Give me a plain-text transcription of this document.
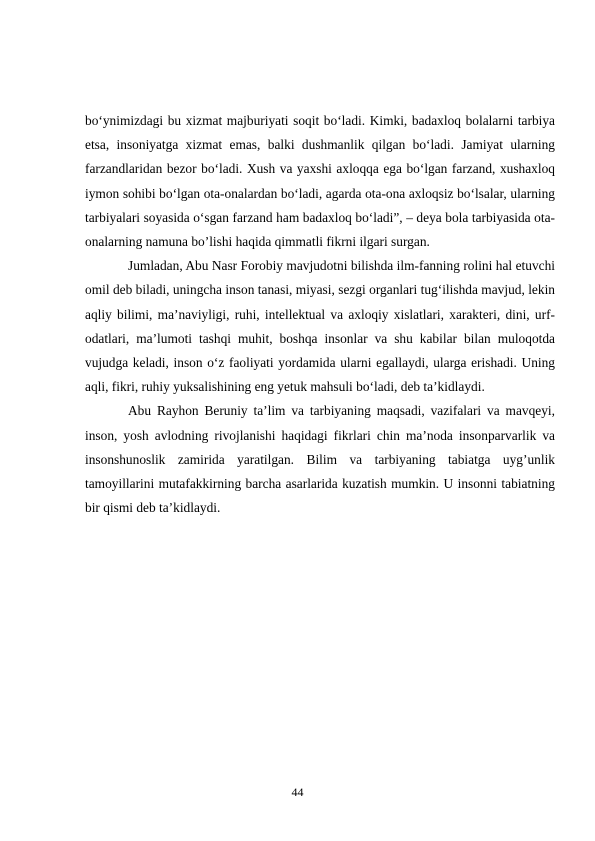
bo‘ynimizdagi bu xizmat majburiyati soqit bo‘ladi. Kimki, badaxloq bolalarni tarbiya etsa, insoniyatga xizmat emas, balki dushmanlik qilgan bo‘ladi. Jamiyat ularning farzandlaridan bezor bo‘ladi. Xush va yaxshi axloqqa ega bo‘lgan farzand, xushaxloq iymon sohibi bo‘lgan ota-onalardan bo‘ladi, agarda ota-ona axloqsiz bo‘lsalar, ularning tarbiyalari soyasida o‘sgan farzand ham badaxloq bo‘ladi”, – deya bola tarbiyasida ota-onalarning namuna bo’lishi haqida qimmatli fikrni ilgari surgan.

Jumladan, Abu Nasr Forobiy mavjudotni bilishda ilm-fanning rolini hal etuvchi omil deb biladi, uningcha inson tanasi, miyasi, sezgi organlari tug‘ilishda mavjud, lekin aqliy bilimi, ma’naviyligi, ruhi, intellektual va axloqiy xislatlari, xarakteri, dini, urf-odatlari, ma’lumoti tashqi muhit, boshqa insonlar va shu kabilar bilan muloqotda vujudga keladi, inson o‘z faoliyati yordamida ularni egallaydi, ularga erishadi. Uning aqli, fikri, ruhiy yuksalishining eng yetuk mahsuli bo‘ladi, deb ta’kidlaydi.

Abu Rayhon Beruniy ta’lim va tarbiyaning maqsadi, vazifalari va mavqeyi, inson, yosh avlodning rivojlanishi haqidagi fikrlari chin ma’noda insonparvarlik va insonshunoslik zamirida yaratilgan. Bilim va tarbiyaning tabiatga uyg’unlik tamoyillarini mutafakkirning barcha asarlarida kuzatish mumkin. U insonni tabiatning bir qismi deb ta’kidlaydi.

44
